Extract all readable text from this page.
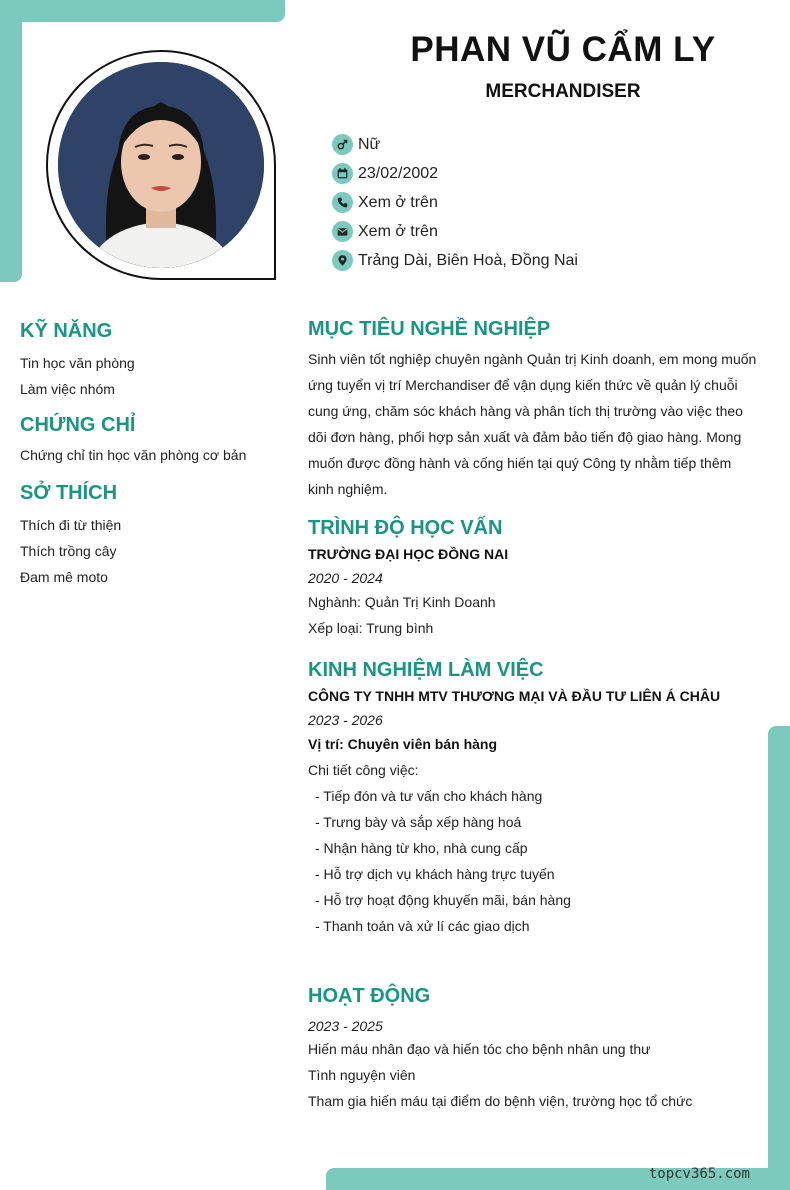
PHAN VŨ CẨM LY
MERCHANDISER
Nữ
23/02/2002
Xem ở trên
Xem ở trên
Trảng Dài, Biên Hoà, Đồng Nai
KỸ NĂNG
Tin học văn phòng
Làm việc nhóm
CHỨNG CHỈ
Chứng chỉ tin học văn phòng cơ bản
SỞ THÍCH
Thích đi từ thiện
Thích trồng cây
Đam mê moto
MỤC TIÊU NGHỀ NGHIỆP
Sinh viên tốt nghiệp chuyên ngành Quản trị Kinh doanh, em mong muốn
ứng tuyển vị trí Merchandiser để vận dụng kiến thức về quản lý chuỗi
cung ứng, chăm sóc khách hàng và phân tích thị trường vào việc theo
dõi đơn hàng, phối hợp sản xuất và đảm bảo tiến độ giao hàng. Mong
muốn được đồng hành và cống hiến tại quý Công ty nhằm tiếp thêm
kinh nghiệm.
TRÌNH ĐỘ HỌC VẤN
TRƯỜNG ĐẠI HỌC ĐỒNG NAI
2020 - 2024
Nghành: Quản Trị Kinh Doanh
Xếp loại: Trung bình
KINH NGHIỆM LÀM VIỆC
CÔNG TY TNHH MTV THƯƠNG MẠI VÀ ĐẦU TƯ LIÊN Á CHÂU
2023 - 2026
Vị trí: Chuyên viên bán hàng
Chi tiết công việc:
- Tiếp đón và tư vấn cho khách hàng
- Trưng bày và sắp xếp hàng hoá
- Nhận hàng từ kho, nhà cung cấp
- Hỗ trợ dịch vụ khách hàng trực tuyến
- Hỗ trợ hoạt động khuyến mãi, bán hàng
- Thanh toán và xử lí các giao dịch
HOẠT ĐỘNG
2023 - 2025
Hiến máu nhân đạo và hiến tóc cho bệnh nhân ung thư
Tình nguyện viên
Tham gia hiến máu tại điểm do bệnh viện, trường học tổ chức
topcv365.com
